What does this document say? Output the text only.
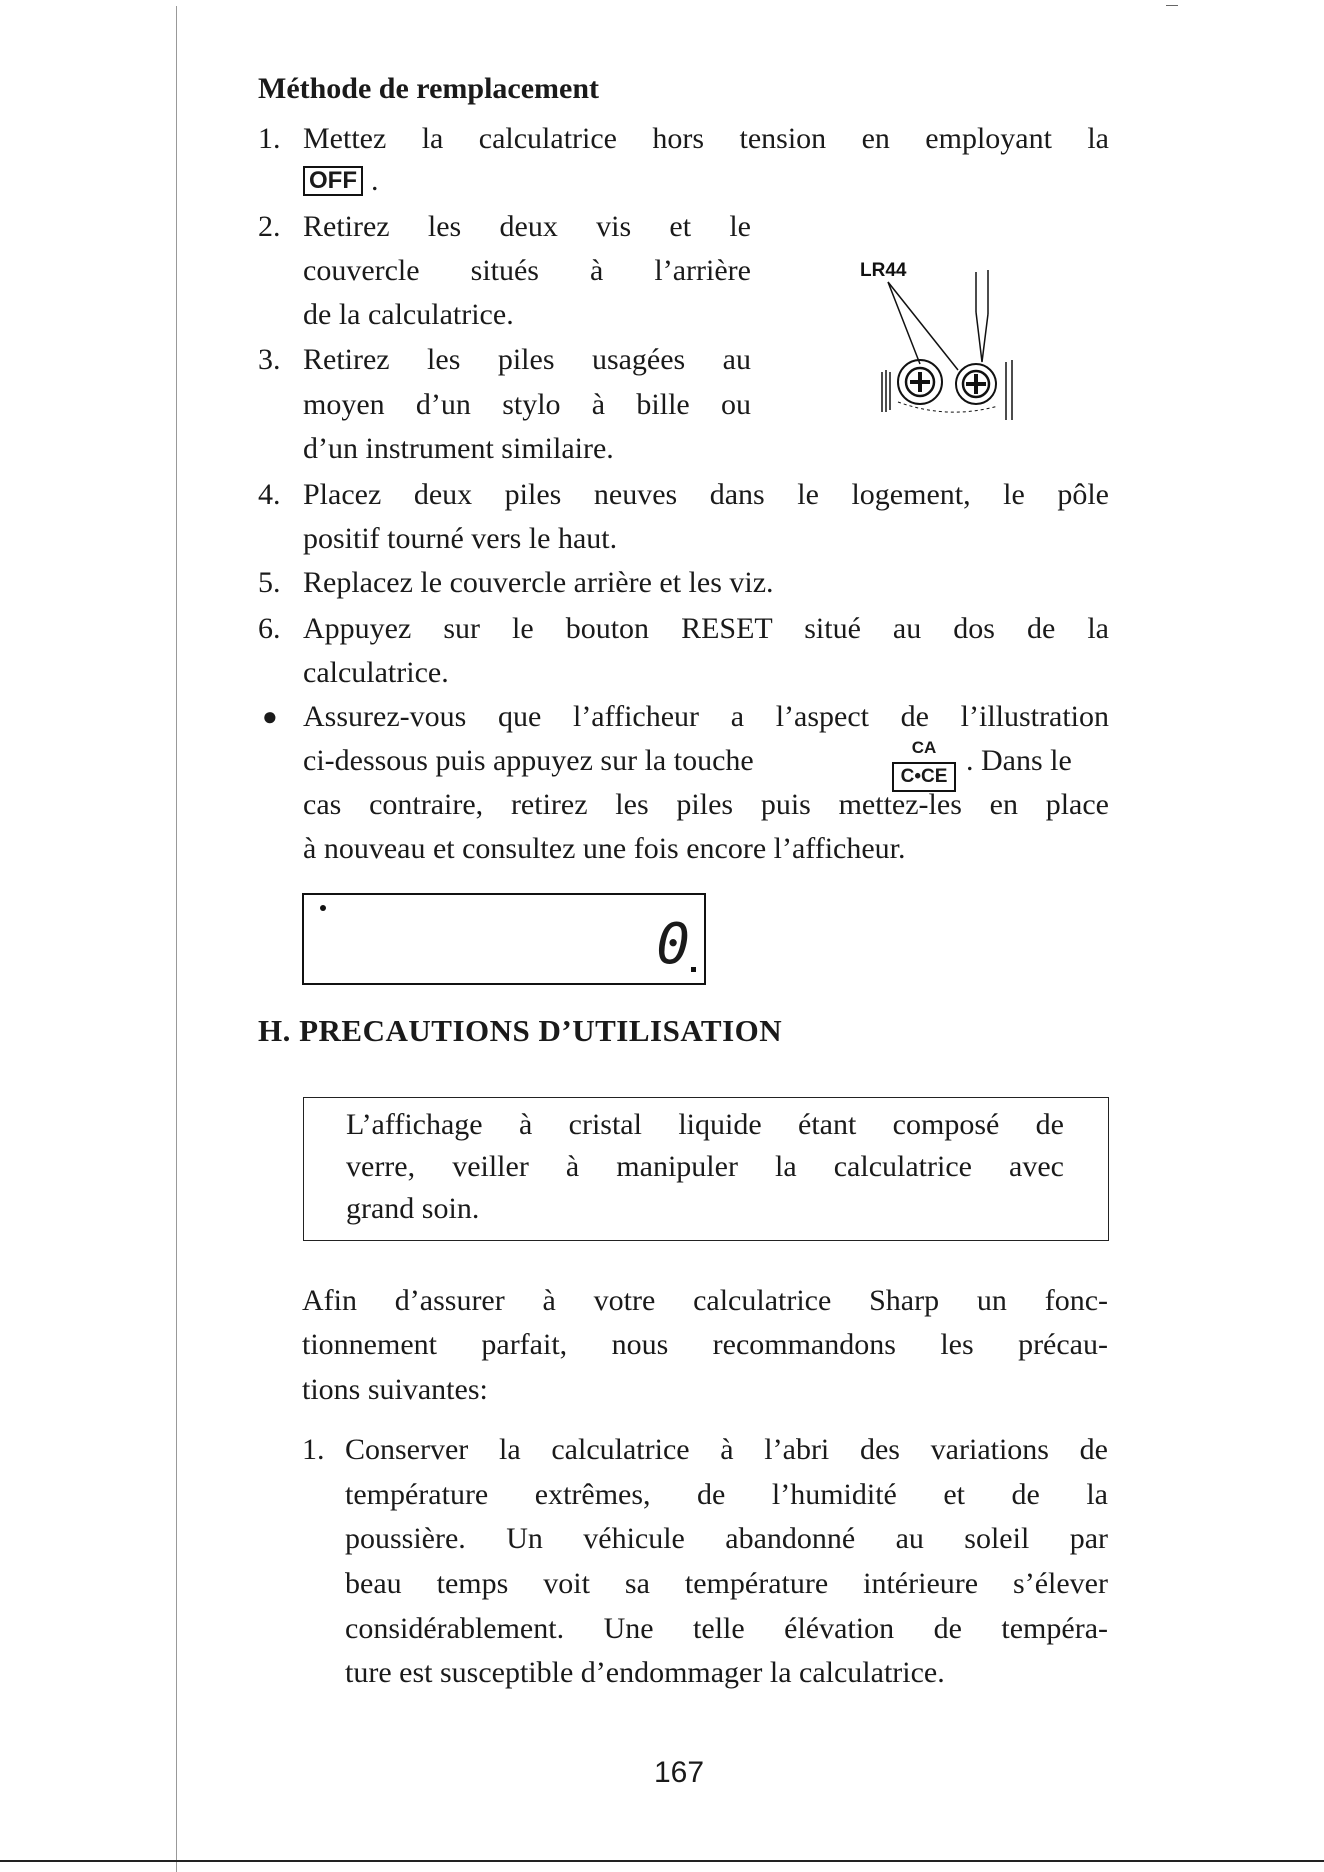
Méthode de remplacement
1. Mettez la calculatrice hors tension en employant la
OFF .
2. Retirez les deux vis et le
couvercle situés à l’arrière
de la calculatrice.
3. Retirez les piles usagées au
moyen d’un stylo à bille ou
d’un instrument similaire.
LR44
4. Placez deux piles neuves dans le logement, le pôle
positif tourné vers le haut.
5. Replacez le couvercle arrière et les viz.
6. Appuyez sur le bouton RESET situé au dos de la
calculatrice.
● Assurez-vous que l’afficheur a l’aspect de l’illustration
ci-dessous puis appuyez sur la touche	CA
C•CE . Dans le
cas contraire, retirez les piles puis mettez-les en place
à nouveau et consultez une fois encore l’afficheur.
0
H. PRECAUTIONS D’UTILISATION
L’affichage à cristal liquide étant composé de
verre, veiller à manipuler la calculatrice avec
grand soin.
Afin d’assurer à votre calculatrice Sharp un fonc-
tionnement parfait, nous recommandons les précau-
tions suivantes:
1. Conserver la calculatrice à l’abri des variations de
température extrêmes, de l’humidité et de la
poussière. Un véhicule abandonné au soleil par
beau temps voit sa température intérieure s’élever
considérablement. Une telle élévation de tempéra-
ture est susceptible d’endommager la calculatrice.
167
